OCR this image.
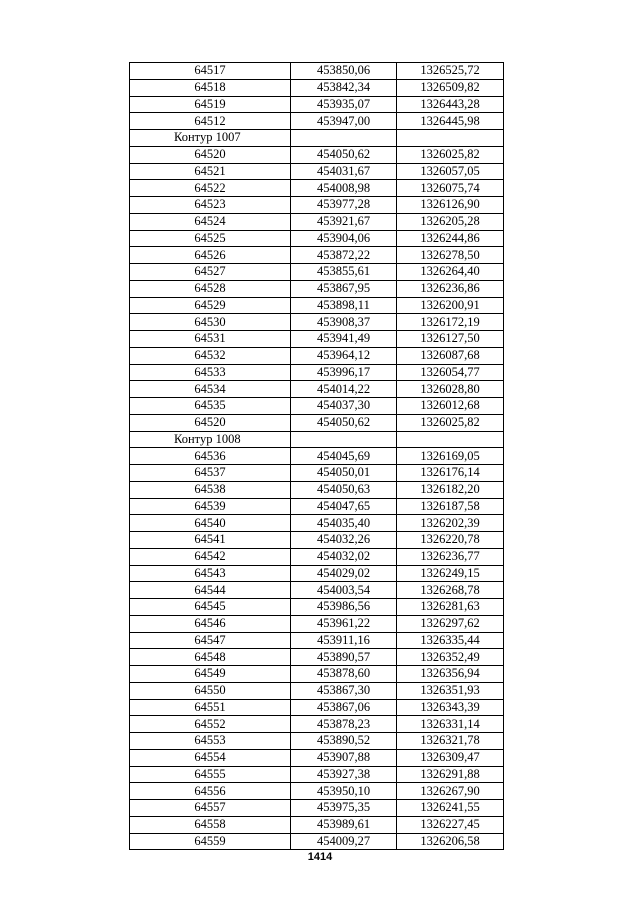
64517	453850,06	1326525,72
64518	453842,34	1326509,82
64519	453935,07	1326443,28
64512	453947,00	1326445,98
Контур 1007		
64520	454050,62	1326025,82
64521	454031,67	1326057,05
64522	454008,98	1326075,74
64523	453977,28	1326126,90
64524	453921,67	1326205,28
64525	453904,06	1326244,86
64526	453872,22	1326278,50
64527	453855,61	1326264,40
64528	453867,95	1326236,86
64529	453898,11	1326200,91
64530	453908,37	1326172,19
64531	453941,49	1326127,50
64532	453964,12	1326087,68
64533	453996,17	1326054,77
64534	454014,22	1326028,80
64535	454037,30	1326012,68
64520	454050,62	1326025,82
Контур 1008		
64536	454045,69	1326169,05
64537	454050,01	1326176,14
64538	454050,63	1326182,20
64539	454047,65	1326187,58
64540	454035,40	1326202,39
64541	454032,26	1326220,78
64542	454032,02	1326236,77
64543	454029,02	1326249,15
64544	454003,54	1326268,78
64545	453986,56	1326281,63
64546	453961,22	1326297,62
64547	453911,16	1326335,44
64548	453890,57	1326352,49
64549	453878,60	1326356,94
64550	453867,30	1326351,93
64551	453867,06	1326343,39
64552	453878,23	1326331,14
64553	453890,52	1326321,78
64554	453907,88	1326309,47
64555	453927,38	1326291,88
64556	453950,10	1326267,90
64557	453975,35	1326241,55
64558	453989,61	1326227,45
64559	454009,27	1326206,58
1414
